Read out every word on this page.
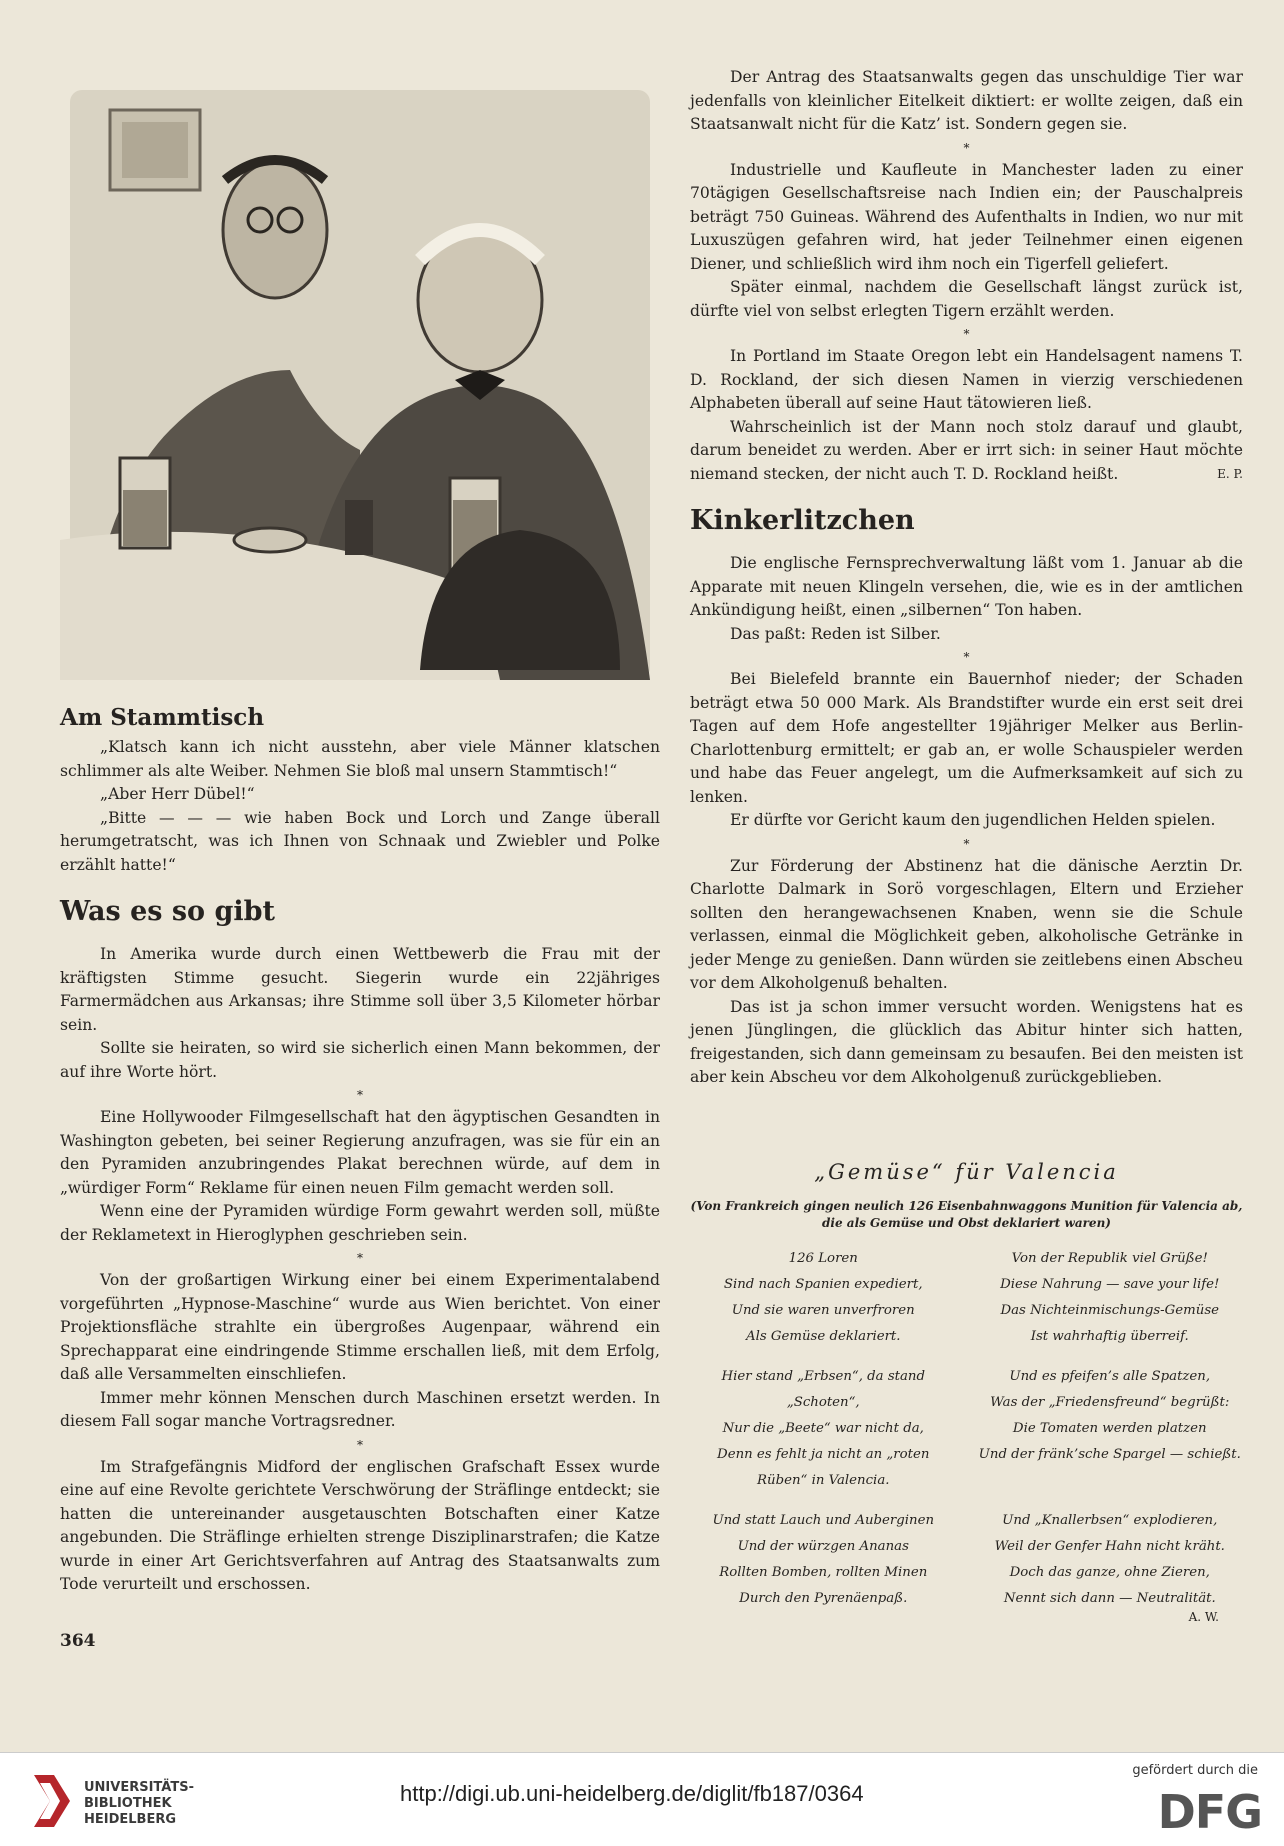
Am Stammtisch

„Klatsch kann ich nicht ausstehn, aber viele Männer klatschen schlimmer als alte Weiber. Nehmen Sie bloß mal unsern Stammtisch!“

„Aber Herr Dübel!“

„Bitte — — — wie haben Bock und Lorch und Zange überall herumgetratscht, was ich Ihnen von Schnaak und Zwiebler und Polke erzählt hatte!“

Was es so gibt

In Amerika wurde durch einen Wettbewerb die Frau mit der kräftigsten Stimme gesucht. Siegerin wurde ein 22jähriges Farmermädchen aus Arkansas; ihre Stimme soll über 3,5 Kilometer hörbar sein.

Sollte sie heiraten, so wird sie sicherlich einen Mann bekommen, der auf ihre Worte hört.

*

Eine Hollywooder Filmgesellschaft hat den ägyptischen Gesandten in Washington gebeten, bei seiner Regierung anzufragen, was sie für ein an den Pyramiden anzubringendes Plakat berechnen würde, auf dem in „würdiger Form“ Reklame für einen neuen Film gemacht werden soll.

Wenn eine der Pyramiden würdige Form gewahrt werden soll, müßte der Reklametext in Hieroglyphen geschrieben sein.

*

Von der großartigen Wirkung einer bei einem Experimentalabend vorgeführten „Hypnose-Maschine“ wurde aus Wien berichtet. Von einer Projektionsfläche strahlte ein übergroßes Augenpaar, während ein Sprechapparat eine eindringende Stimme erschallen ließ, mit dem Erfolg, daß alle Versammelten einschliefen.

Immer mehr können Menschen durch Maschinen ersetzt werden. In diesem Fall sogar manche Vortragsredner.

*

Im Strafgefängnis Midford der englischen Grafschaft Essex wurde eine auf eine Revolte gerichtete Verschwörung der Sträflinge entdeckt; sie hatten die untereinander ausgetauschten Botschaften einer Katze angebunden. Die Sträflinge erhielten strenge Disziplinarstrafen; die Katze wurde in einer Art Gerichtsverfahren auf Antrag des Staatsanwalts zum Tode verurteilt und erschossen.

364

Der Antrag des Staatsanwalts gegen das unschuldige Tier war jedenfalls von kleinlicher Eitelkeit diktiert: er wollte zeigen, daß ein Staatsanwalt nicht für die Katz’ ist. Sondern gegen sie.

*

Industrielle und Kaufleute in Manchester laden zu einer 70tägigen Gesellschaftsreise nach Indien ein; der Pauschalpreis beträgt 750 Guineas. Während des Aufenthalts in Indien, wo nur mit Luxuszügen gefahren wird, hat jeder Teilnehmer einen eigenen Diener, und schließlich wird ihm noch ein Tigerfell geliefert.

Später einmal, nachdem die Gesellschaft längst zurück ist, dürfte viel von selbst erlegten Tigern erzählt werden.

*

In Portland im Staate Oregon lebt ein Handelsagent namens T. D. Rockland, der sich diesen Namen in vierzig verschiedenen Alphabeten überall auf seine Haut tätowieren ließ.

Wahrscheinlich ist der Mann noch stolz darauf und glaubt, darum beneidet zu werden. Aber er irrt sich: in seiner Haut möchte niemand stecken, der nicht auch T. D. Rockland heißt.	E. P.

Kinkerlitzchen

Die englische Fernsprechverwaltung läßt vom 1. Januar ab die Apparate mit neuen Klingeln versehen, die, wie es in der amtlichen Ankündigung heißt, einen „silbernen“ Ton haben.

Das paßt: Reden ist Silber.

*

Bei Bielefeld brannte ein Bauernhof nieder; der Schaden beträgt etwa 50 000 Mark. Als Brandstifter wurde ein erst seit drei Tagen auf dem Hofe angestellter 19jähriger Melker aus Berlin-Charlottenburg ermittelt; er gab an, er wolle Schauspieler werden und habe das Feuer angelegt, um die Aufmerksamkeit auf sich zu lenken.

Er dürfte vor Gericht kaum den jugendlichen Helden spielen.

*

Zur Förderung der Abstinenz hat die dänische Aerztin Dr. Charlotte Dalmark in Sorö vorgeschlagen, Eltern und Erzieher sollten den herangewachsenen Knaben, wenn sie die Schule verlassen, einmal die Möglichkeit geben, alkoholische Getränke in jeder Menge zu genießen. Dann würden sie zeitlebens einen Abscheu vor dem Alkoholgenuß behalten.

Das ist ja schon immer versucht worden. Wenigstens hat es jenen Jünglingen, die glücklich das Abitur hinter sich hatten, freigestanden, sich dann gemeinsam zu besaufen. Bei den meisten ist aber kein Abscheu vor dem Alkoholgenuß zurückgeblieben.

„Gemüse“ für Valencia
(Von Frankreich gingen neulich 126 Eisenbahnwaggons Munition für Valencia ab, die als Gemüse und Obst deklariert waren)
126 Loren
Sind nach Spanien expediert,
Und sie waren unverfroren
Als Gemüse deklariert.
Von der Republik viel Grüße!
Diese Nahrung — save your life!
Das Nichteinmischungs-Gemüse
Ist wahrhaftig überreif.
Hier stand „Erbsen“, da stand „Schoten“,
Nur die „Beete“ war nicht da,
Denn es fehlt ja nicht an „roten
Rüben“ in Valencia.
Und es pfeifen’s alle Spatzen,
Was der „Friedensfreund“ begrüßt:
Die Tomaten werden platzen
Und der fränk’sche Spargel — schießt.
Und statt Lauch und Auberginen
Und der würzgen Ananas
Rollten Bomben, rollten Minen
Durch den Pyrenäenpaß.
Und „Knallerbsen“ explodieren,
Weil der Genfer Hahn nicht kräht.
Doch das ganze, ohne Zieren,
Nennt sich dann — Neutralität.
A. W.
UNIVERSITÄTS-
BIBLIOTHEK
HEIDELBERG
http://digi.ub.uni-heidelberg.de/diglit/fb187/0364
gefördert durch die
DFG
